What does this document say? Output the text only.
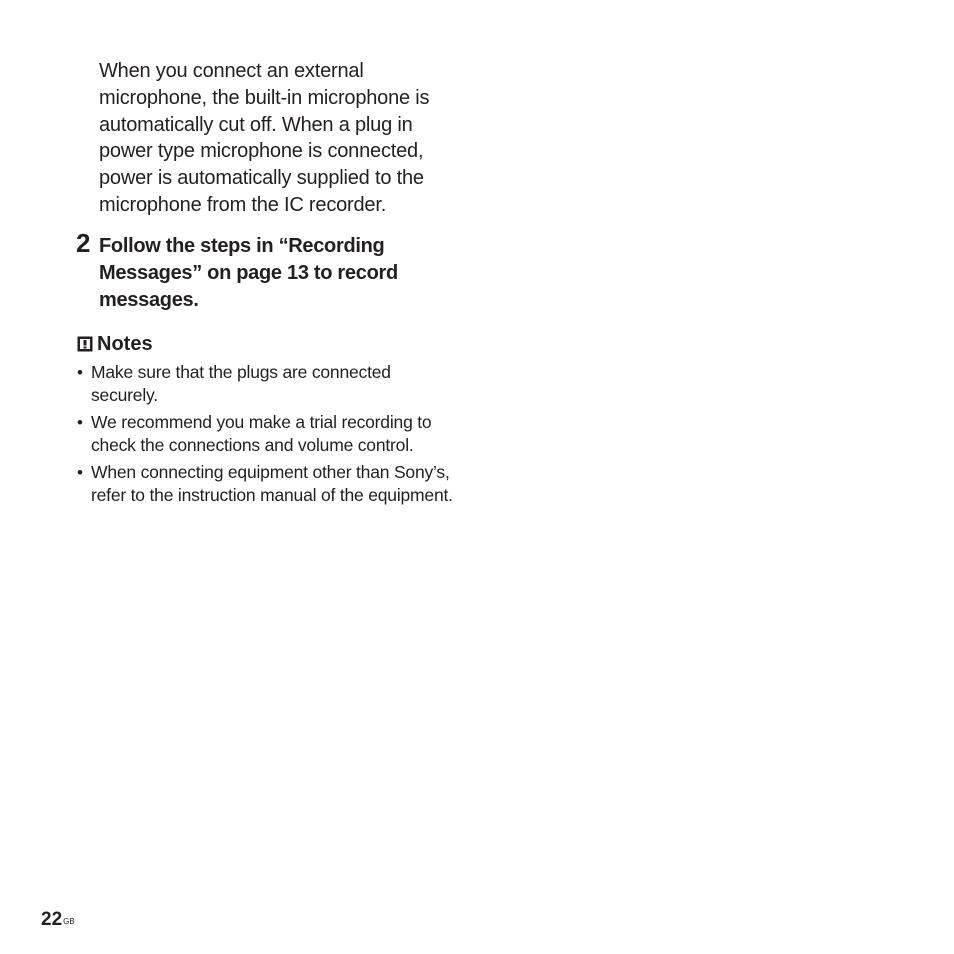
When you connect an external microphone, the built-in microphone is automatically cut off. When a plug in power type microphone is connected, power is automatically supplied to the microphone from the IC recorder.

2 Follow the steps in “Recording Messages” on page 13 to record messages.

Notes
• Make sure that the plugs are connected securely.
• We recommend you make a trial recording to check the connections and volume control.
• When connecting equipment other than Sony’s, refer to the instruction manual of the equipment.
$22^{GB}$
